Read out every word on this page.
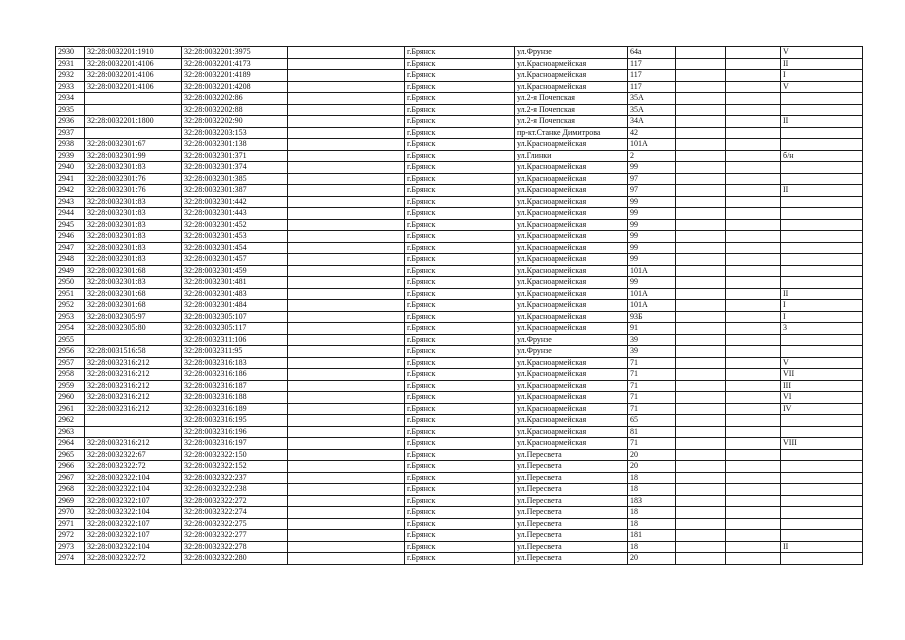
2930	32:28:0032201:1910	32:28:0032201:3975		г.Брянск	ул.Фрунзе	64а			V
2931	32:28:0032201:4106	32:28:0032201:4173		г.Брянск	ул.Красноармейская	117			II
2932	32:28:0032201:4106	32:28:0032201:4189		г.Брянск	ул.Красноармейская	117			I
2933	32:28:0032201:4106	32:28:0032201:4208		г.Брянск	ул.Красноармейская	117			V
2934		32:28:0032202:86		г.Брянск	ул.2-я Почепская	35А			
2935		32:28:0032202:88		г.Брянск	ул.2-я Почепская	35А			
2936	32:28:0032201:1800	32:28:0032202:90		г.Брянск	ул.2-я Почепская	34А			II
2937		32:28:0032203:153		г.Брянск	пр-кт.Станке Димитрова	42			
2938	32:28:0032301:67	32:28:0032301:138		г.Брянск	ул.Красноармейская	101А			
2939	32:28:0032301:99	32:28:0032301:371		г.Брянск	ул.Глинки	2			б/н
2940	32:28:0032301:83	32:28:0032301:374		г.Брянск	ул.Красноармейская	99			
2941	32:28:0032301:76	32:28:0032301:385		г.Брянск	ул.Красноармейская	97			
2942	32:28:0032301:76	32:28:0032301:387		г.Брянск	ул.Красноармейская	97			II
2943	32:28:0032301:83	32:28:0032301:442		г.Брянск	ул.Красноармейская	99			
2944	32:28:0032301:83	32:28:0032301:443		г.Брянск	ул.Красноармейская	99			
2945	32:28:0032301:83	32:28:0032301:452		г.Брянск	ул.Красноармейская	99			
2946	32:28:0032301:83	32:28:0032301:453		г.Брянск	ул.Красноармейская	99			
2947	32:28:0032301:83	32:28:0032301:454		г.Брянск	ул.Красноармейская	99			
2948	32:28:0032301:83	32:28:0032301:457		г.Брянск	ул.Красноармейская	99			
2949	32:28:0032301:68	32:28:0032301:459		г.Брянск	ул.Красноармейская	101А			
2950	32:28:0032301:83	32:28:0032301:481		г.Брянск	ул.Красноармейская	99			
2951	32:28:0032301:68	32:28:0032301:483		г.Брянск	ул.Красноармейская	101А			II
2952	32:28:0032301:68	32:28:0032301:484		г.Брянск	ул.Красноармейская	101А			I
2953	32:28:0032305:97	32:28:0032305:107		г.Брянск	ул.Красноармейская	93Б			I
2954	32:28:0032305:80	32:28:0032305:117		г.Брянск	ул.Красноармейская	91			3
2955		32:28:0032311:106		г.Брянск	ул.Фрунзе	39			
2956	32:28:0031516:58	32:28:0032311:95		г.Брянск	ул.Фрунзе	39			
2957	32:28:0032316:212	32:28:0032316:183		г.Брянск	ул.Красноармейская	71			V
2958	32:28:0032316:212	32:28:0032316:186		г.Брянск	ул.Красноармейская	71			VII
2959	32:28:0032316:212	32:28:0032316:187		г.Брянск	ул.Красноармейская	71			III
2960	32:28:0032316:212	32:28:0032316:188		г.Брянск	ул.Красноармейская	71			VI
2961	32:28:0032316:212	32:28:0032316:189		г.Брянск	ул.Красноармейская	71			IV
2962		32:28:0032316:195		г.Брянск	ул.Красноармейская	65			
2963		32:28:0032316:196		г.Брянск	ул.Красноармейская	81			
2964	32:28:0032316:212	32:28:0032316:197		г.Брянск	ул.Красноармейская	71			VIII
2965	32:28:0032322:67	32:28:0032322:150		г.Брянск	ул.Пересвета	20			
2966	32:28:0032322:72	32:28:0032322:152		г.Брянск	ул.Пересвета	20			
2967	32:28:0032322:104	32:28:0032322:237		г.Брянск	ул.Пересвета	18			
2968	32:28:0032322:104	32:28:0032322:238		г.Брянск	ул.Пересвета	18			
2969	32:28:0032322:107	32:28:0032322:272		г.Брянск	ул.Пересвета	18З			
2970	32:28:0032322:104	32:28:0032322:274		г.Брянск	ул.Пересвета	18			
2971	32:28:0032322:107	32:28:0032322:275		г.Брянск	ул.Пересвета	18			
2972	32:28:0032322:107	32:28:0032322:277		г.Брянск	ул.Пересвета	181			
2973	32:28:0032322:104	32:28:0032322:278		г.Брянск	ул.Пересвета	18			II
2974	32:28:0032322:72	32:28:0032322:280		г.Брянск	ул.Пересвета	20			
